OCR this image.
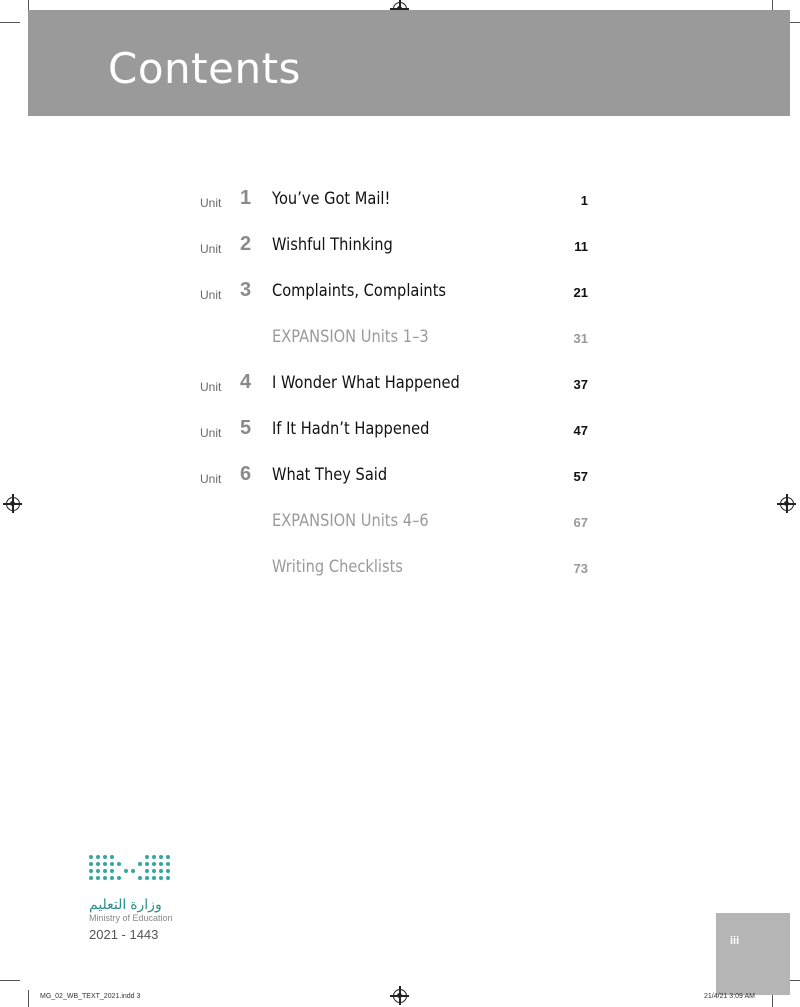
Contents
Unit 1 You’ve Got Mail!	1
Unit 2 Wishful Thinking	11
Unit 3 Complaints, Complaints	21
EXPANSION Units 1–3	31
Unit 4 I Wonder What Happened	37
Unit 5 If It Hadn’t Happened	47
Unit 6 What They Said	57
EXPANSION Units 4–6	67
Writing Checklists	73
وزارة التعليم
Ministry of Education
2021 - 1443	iii
MG_02_WB_TEXT_2021.indd 3	21/4/21 3:09 AM
